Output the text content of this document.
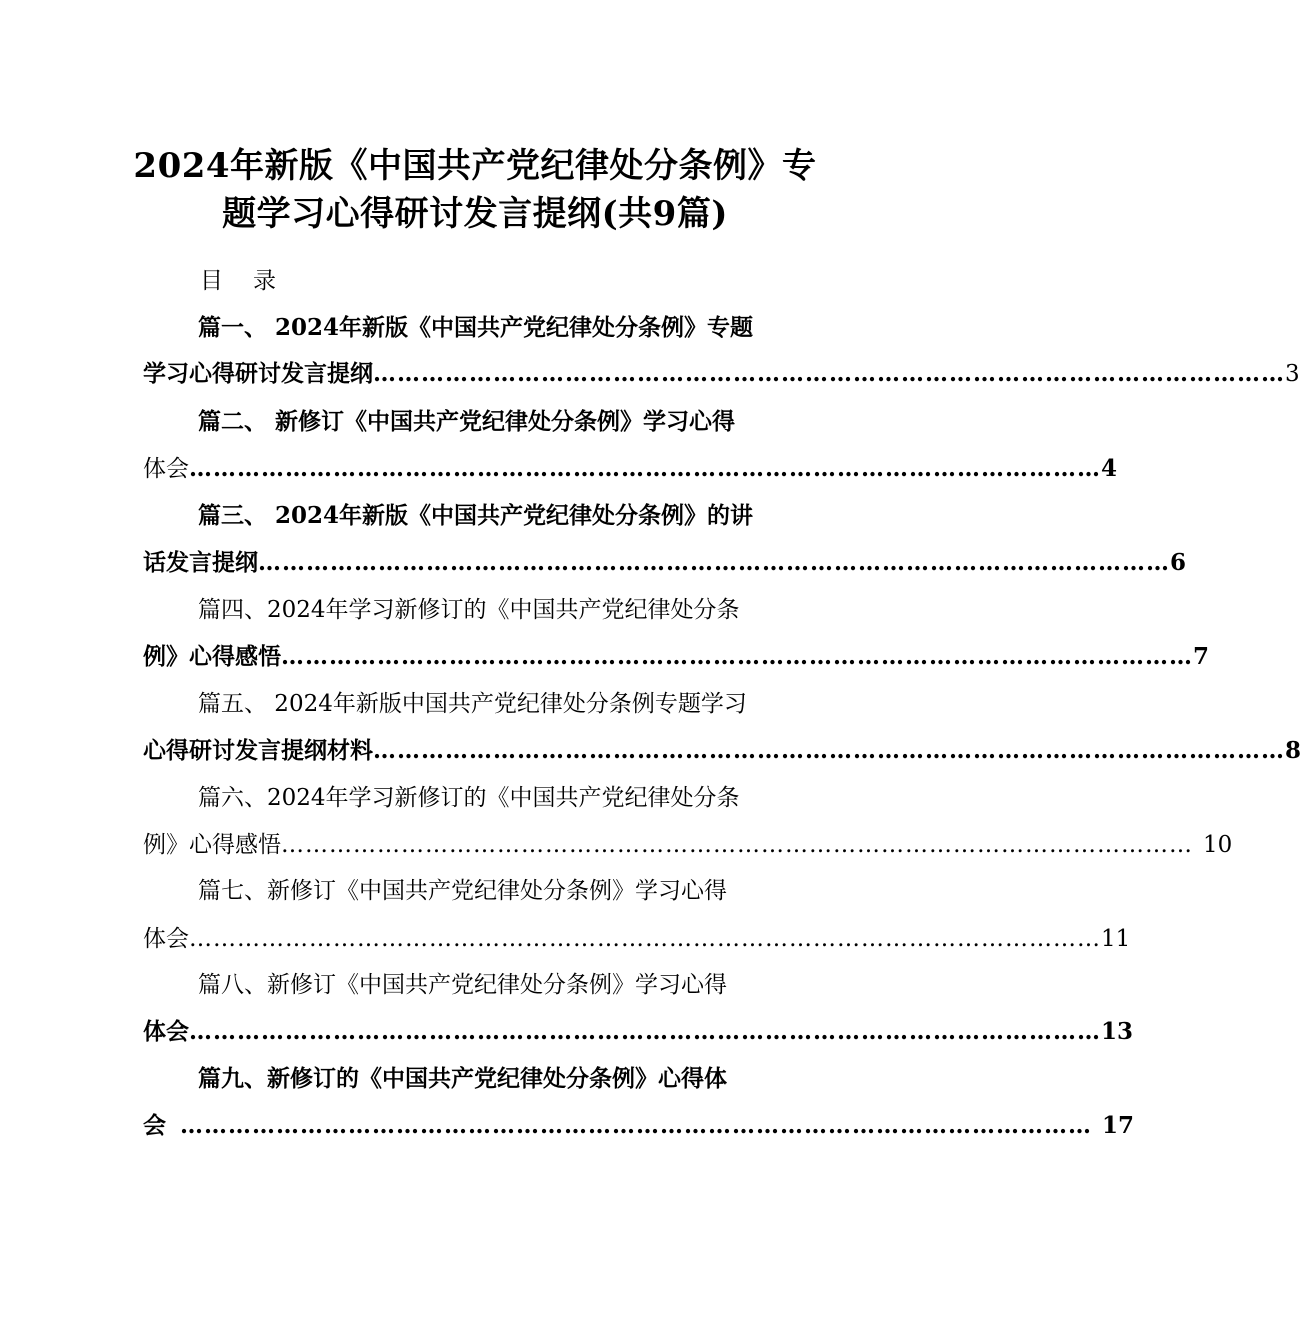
2024年新版《中国共产党纪律处分条例》专
题学习心得研讨发言提纲(共9篇)
目 录
篇一、 2024年新版《中国共产党纪律处分条例》专题
学习心得研讨发言提纲 …………………………………………………………………………………………………… 3
篇二、 新修订《中国共产党纪律处分条例》学习心得
体会 …………………………………………………………………………………………………… 4
篇三、 2024年新版《中国共产党纪律处分条例》的讲
话发言提纲 …………………………………………………………………………………………………… 6
篇四、2024年学习新修订的《中国共产党纪律处分条
例》心得感悟 …………………………………………………………………………………………………… 7
篇五、 2024年新版中国共产党纪律处分条例专题学习
心得研讨发言提纲材料 …………………………………………………………………………………………………… 8
篇六、2024年学习新修订的《中国共产党纪律处分条
例》心得感悟 …………………………………………………………………………………………………… 10
篇七、新修订《中国共产党纪律处分条例》学习心得
体会 …………………………………………………………………………………………………… 11
篇八、新修订《中国共产党纪律处分条例》学习心得
体会 …………………………………………………………………………………………………… 13
篇九、新修订的《中国共产党纪律处分条例》心得体
会 …………………………………………………………………………………………………… 17
